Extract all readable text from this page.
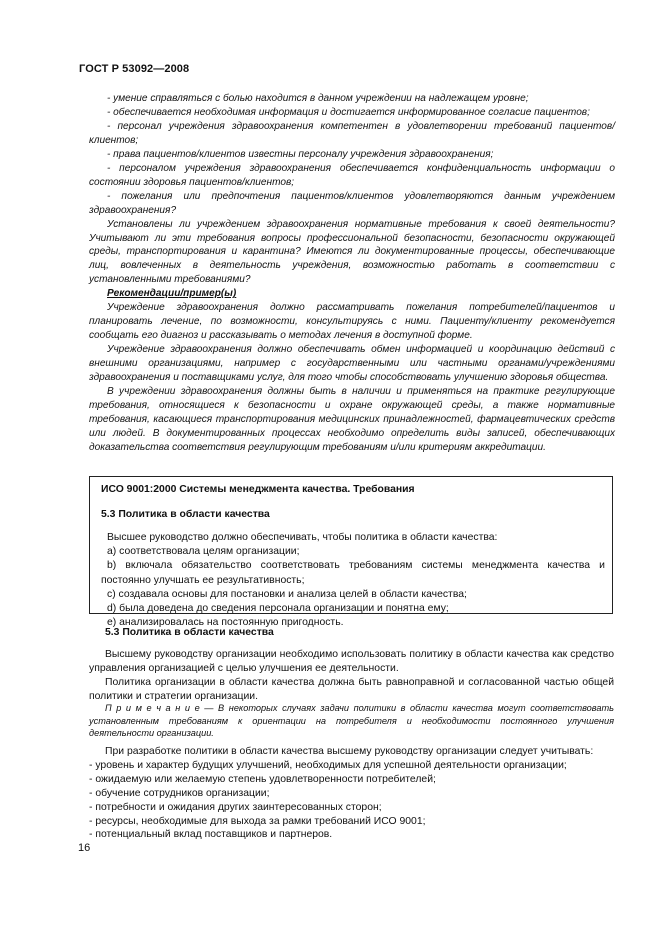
ГОСТ Р 53092—2008

- умение справляться с болью находится в данном учреждении на надлежащем уровне;

- обеспечивается необходимая информация и достигается информированное согласие пациентов;

- персонал учреждения здравоохранения компетентен в удовлетворении требований пациентов/клиентов;

- права пациентов/клиентов известны персоналу учреждения здравоохранения;

- персоналом учреждения здравоохранения обеспечивается конфиденциальность информации о состоянии здоровья пациентов/клиентов;

- пожелания или предпочтения пациентов/клиентов удовлетворяются данным учреждением здравоохранения?

Установлены ли учреждением здравоохранения нормативные требования к своей деятельности? Учитывают ли эти требования вопросы профессиональной безопасности, безопасности окружающей среды, транспортирования и карантина? Имеются ли документированные процессы, обеспечивающие лиц, вовлеченных в деятельность учреждения, возможностью работать в соответствии с установленными требованиями?

Рекомендации/пример(ы)

Учреждение здравоохранения должно рассматривать пожелания потребителей/пациентов и планировать лечение, по возможности, консультируясь с ними. Пациенту/клиенту рекомендуется сообщать его диагноз и рассказывать о методах лечения в доступной форме.

Учреждение здравоохранения должно обеспечивать обмен информацией и координацию действий с внешними организациями, например с государственными или частными органами/учреждениями здравоохранения и поставщиками услуг, для того чтобы способствовать улучшению здоровья общества.

В учреждении здравоохранения должны быть в наличии и применяться на практике регулирующие требования, относящиеся к безопасности и охране окружающей среды, а также нормативные требования, касающиеся транспортирования медицинских принадлежностей, фармацевтических средств или людей. В документированных процессах необходимо определить виды записей, обеспечивающих доказательства соответствия регулирующим требованиям и/или критериям аккредитации.

ИСО 9001:2000 Системы менеджмента качества. Требования
5.3 Политика в области качества
Высшее руководство должно обеспечивать, чтобы политика в области качества:
a) соответствовала целям организации;
b) включала обязательство соответствовать требованиям системы менеджмента качества и постоянно улучшать ее результативность;
c) создавала основы для постановки и анализа целей в области качества;
d) была доведена до сведения персонала организации и понятна ему;
e) анализировалась на постоянную пригодность.

5.3 Политика в области качества

Высшему руководству организации необходимо использовать политику в области качества как средство управления организацией с целью улучшения ее деятельности.

Политика организации в области качества должна быть равноправной и согласованной частью общей политики и стратегии организации.

П р и м е ч а н и е — В некоторых случаях задачи политики в области качества могут соответствовать установленным требованиям к ориентации на потребителя и необходимости постоянного улучшения деятельности организации.

При разработке политики в области качества высшему руководству организации следует учитывать:

- уровень и характер будущих улучшений, необходимых для успешной деятельности организации;

- ожидаемую или желаемую степень удовлетворенности потребителей;

- обучение сотрудников организации;

- потребности и ожидания других заинтересованных сторон;

- ресурсы, необходимые для выхода за рамки требований ИСО 9001;

- потенциальный вклад поставщиков и партнеров.

16
